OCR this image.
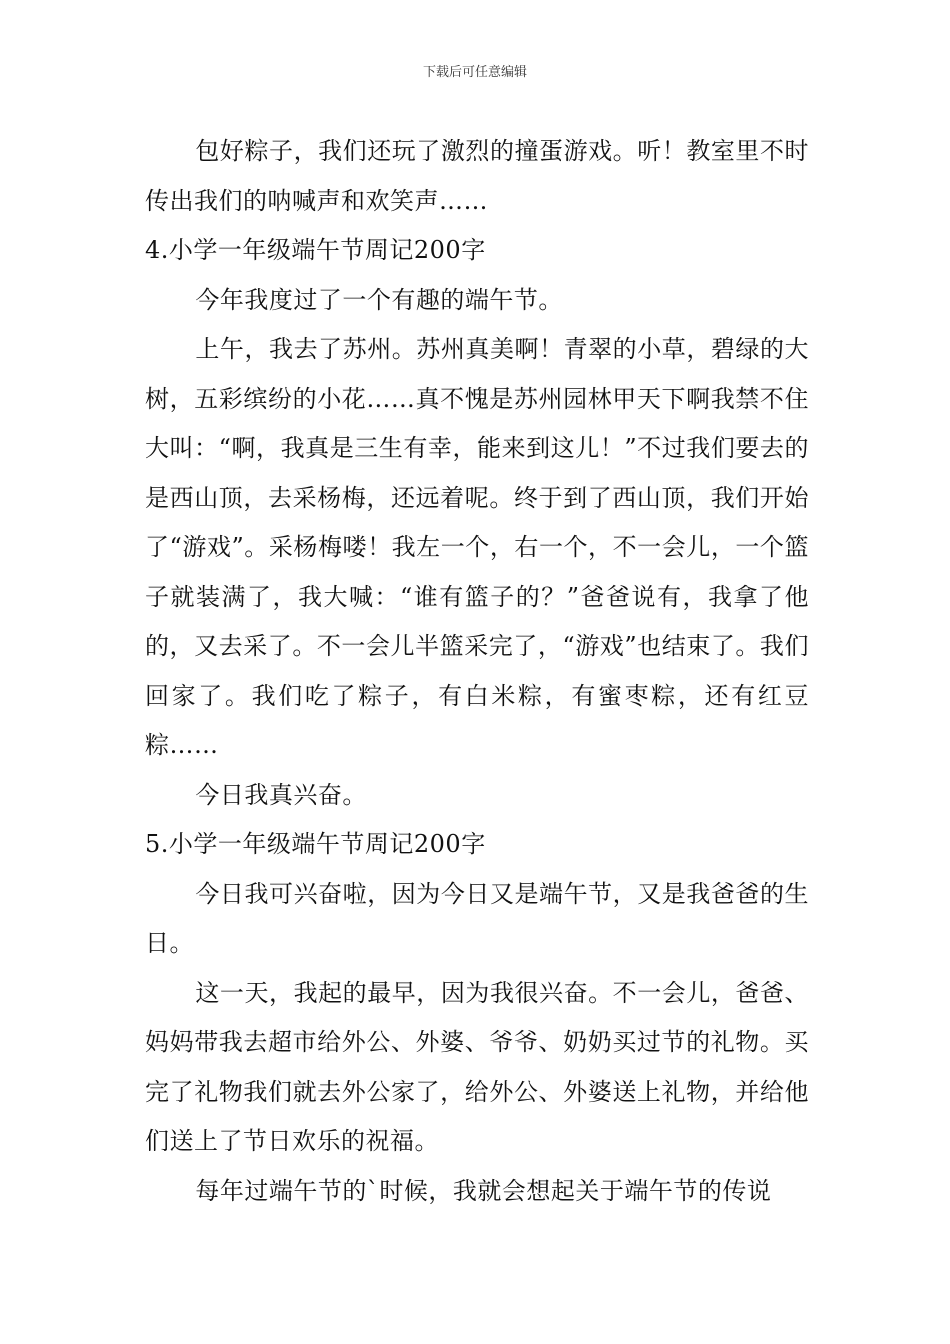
下载后可任意编辑

包好粽子，我们还玩了激烈的撞蛋游戏。听！教室里不时传出我们的呐喊声和欢笑声……

4.小学一年级端午节周记200字

今年我度过了一个有趣的端午节。

上午，我去了苏州。苏州真美啊！青翠的小草，碧绿的大树，五彩缤纷的小花……真不愧是苏州园林甲天下啊我禁不住大叫：“啊，我真是三生有幸，能来到这儿！”不过我们要去的是西山顶，去采杨梅，还远着呢。终于到了西山顶，我们开始了“游戏”。采杨梅喽！我左一个，右一个，不一会儿，一个篮子就装满了，我大喊：“谁有篮子的？”爸爸说有，我拿了他的，又去采了。不一会儿半篮采完了，“游戏”也结束了。我们回家了。我们吃了粽子，有白米粽，有蜜枣粽，还有红豆粽……

今日我真兴奋。

5.小学一年级端午节周记200字

今日我可兴奋啦，因为今日又是端午节，又是我爸爸的生日。

这一天，我起的最早，因为我很兴奋。不一会儿，爸爸、妈妈带我去超市给外公、外婆、爷爷、奶奶买过节的礼物。买完了礼物我们就去外公家了，给外公、外婆送上礼物，并给他们送上了节日欢乐的祝福。

每年过端午节的`时候，我就会想起关于端午节的传说
